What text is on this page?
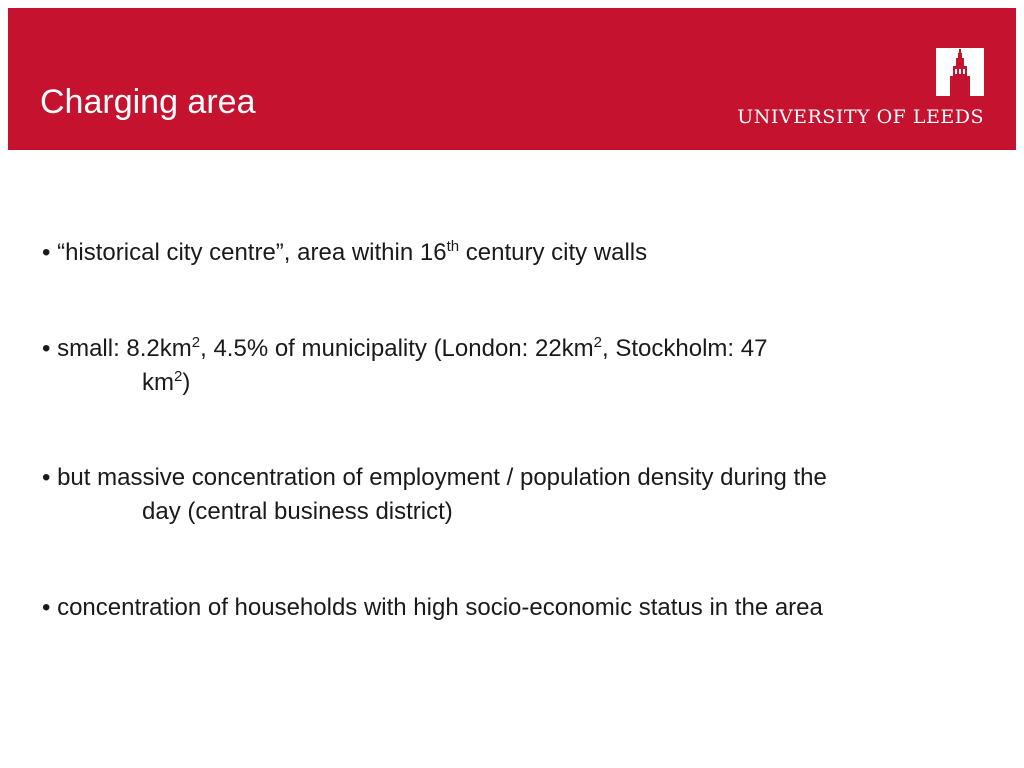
Charging area	UNIVERSITY OF LEEDS
• “historical city centre”, area within 16th century city walls
• small: $8.2km^2$, 4.5% of municipality (London: $22km^2$, Stockholm: 47
$km^2$)
• but massive concentration of employment / population density during the
day (central business district)
• concentration of households with high socio-economic status in the area
